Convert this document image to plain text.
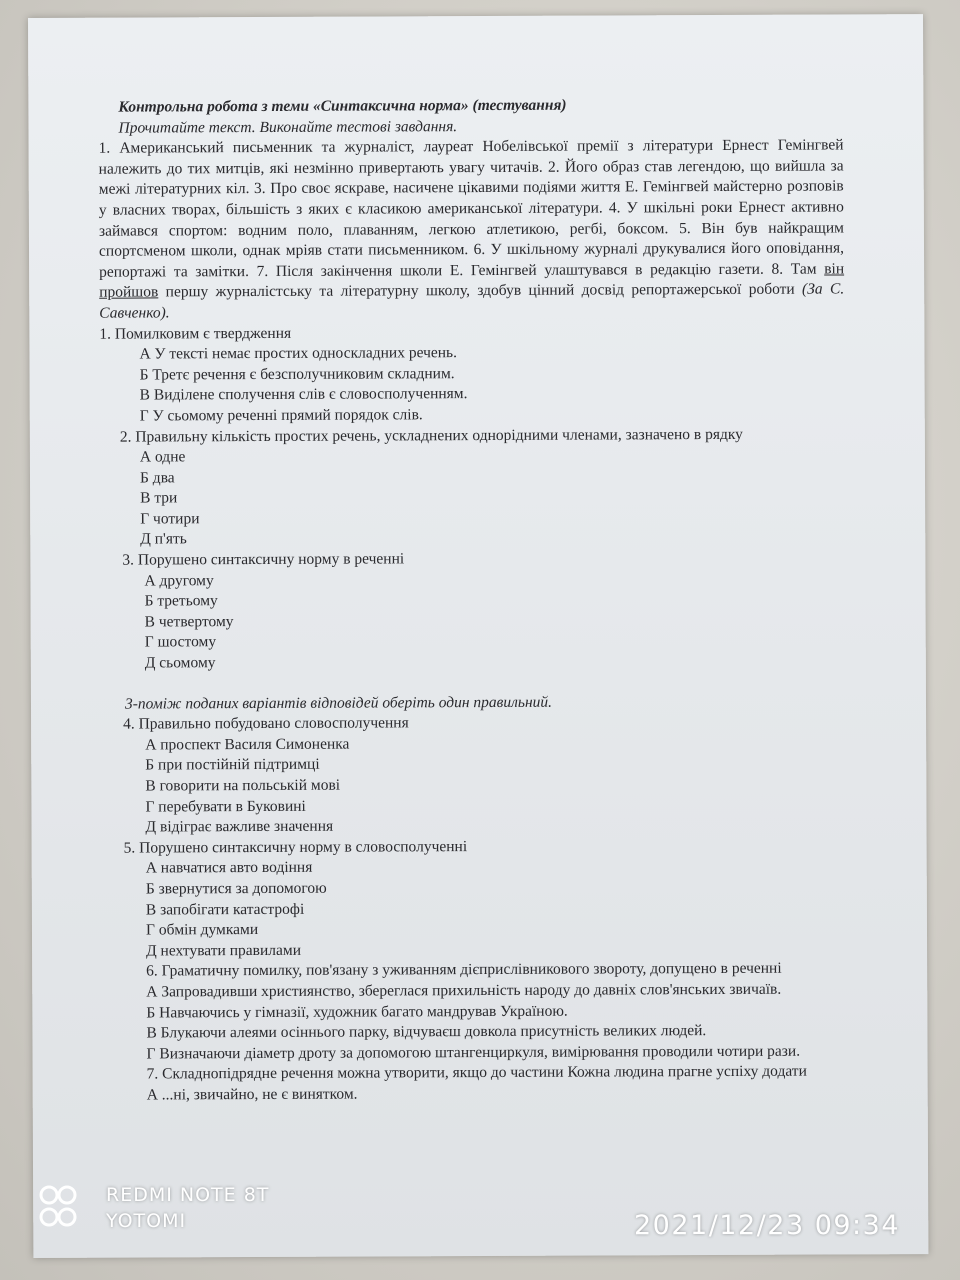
Контрольна робота з теми «Синтаксична норма» (тестування)
Прочитайте текст. Виконайте тестові завдання.
1. Американський письменник та журналіст, лауреат Нобелівської премії з літератури Ернест Гемінгвей належить до тих митців, які незмінно привертають увагу читачів. 2. Його образ став легендою, що вийшла за межі літературних кіл. 3. Про своє яскраве, насичене цікавими подіями життя Е. Гемінгвей майстерно розповів у власних творах, більшість з яких є класикою американської літератури. 4. У шкільні роки Ернест активно займався спортом: водним поло, плаванням, легкою атлетикою, регбі, боксом. 5. Він був найкращим спортсменом школи, однак мріяв стати письменником. 6. У шкільному журналі друкувалися його оповідання, репортажі та замітки. 7. Після закінчення школи Е. Гемінгвей улаштувався в редакцію газети. 8. Там він пройшов першу журналістську та літературну школу, здобув цінний досвід репортажерської роботи (За С. Савченко).
1. Помилковим є твердження
А У тексті немає простих односкладних речень.
Б Третє речення є безсполучниковим складним.
В Виділене сполучення слів є словосполученням.
Г У сьомому реченні прямий порядок слів.
2. Правильну кількість простих речень, ускладнених однорідними членами, зазначено в рядку
А одне
Б два
В три
Г чотири
Д п'ять
3. Порушено синтаксичну норму в реченні
А другому
Б третьому
В четвертому
Г шостому
Д сьомому
3-поміж поданих варіантів відповідей оберіть один правильний.
4. Правильно побудовано словосполучення
А проспект Василя Симоненка
Б при постійній підтримці
В говорити на польській мові
Г перебувати в Буковині
Д відіграє важливе значення
5. Порушено синтаксичну норму в словосполученні
А навчатися авто водіння
Б звернутися за допомогою
В запобігати катастрофі
Г обмін думками
Д нехтувати правилами
6. Граматичну помилку, пов'язану з уживанням дієприслівникового звороту, допущено в реченні
А Запровадивши християнство, збереглася прихильність народу до давніх слов'янських звичаїв.
Б Навчаючись у гімназії, художник багато мандрував Україною.
В Блукаючи алеями осіннього парку, відчуваєш довкола присутність великих людей.
Г Визначаючи діаметр дроту за допомогою штангенциркуля, вимірювання проводили чотири рази.
7. Складнопідрядне речення можна утворити, якщо до частини Кожна людина прагне успіху додати
А ...ні, звичайно, не є винятком.
REDMI NOTE 8T
YOTOMI	2021/12/23 09:34
